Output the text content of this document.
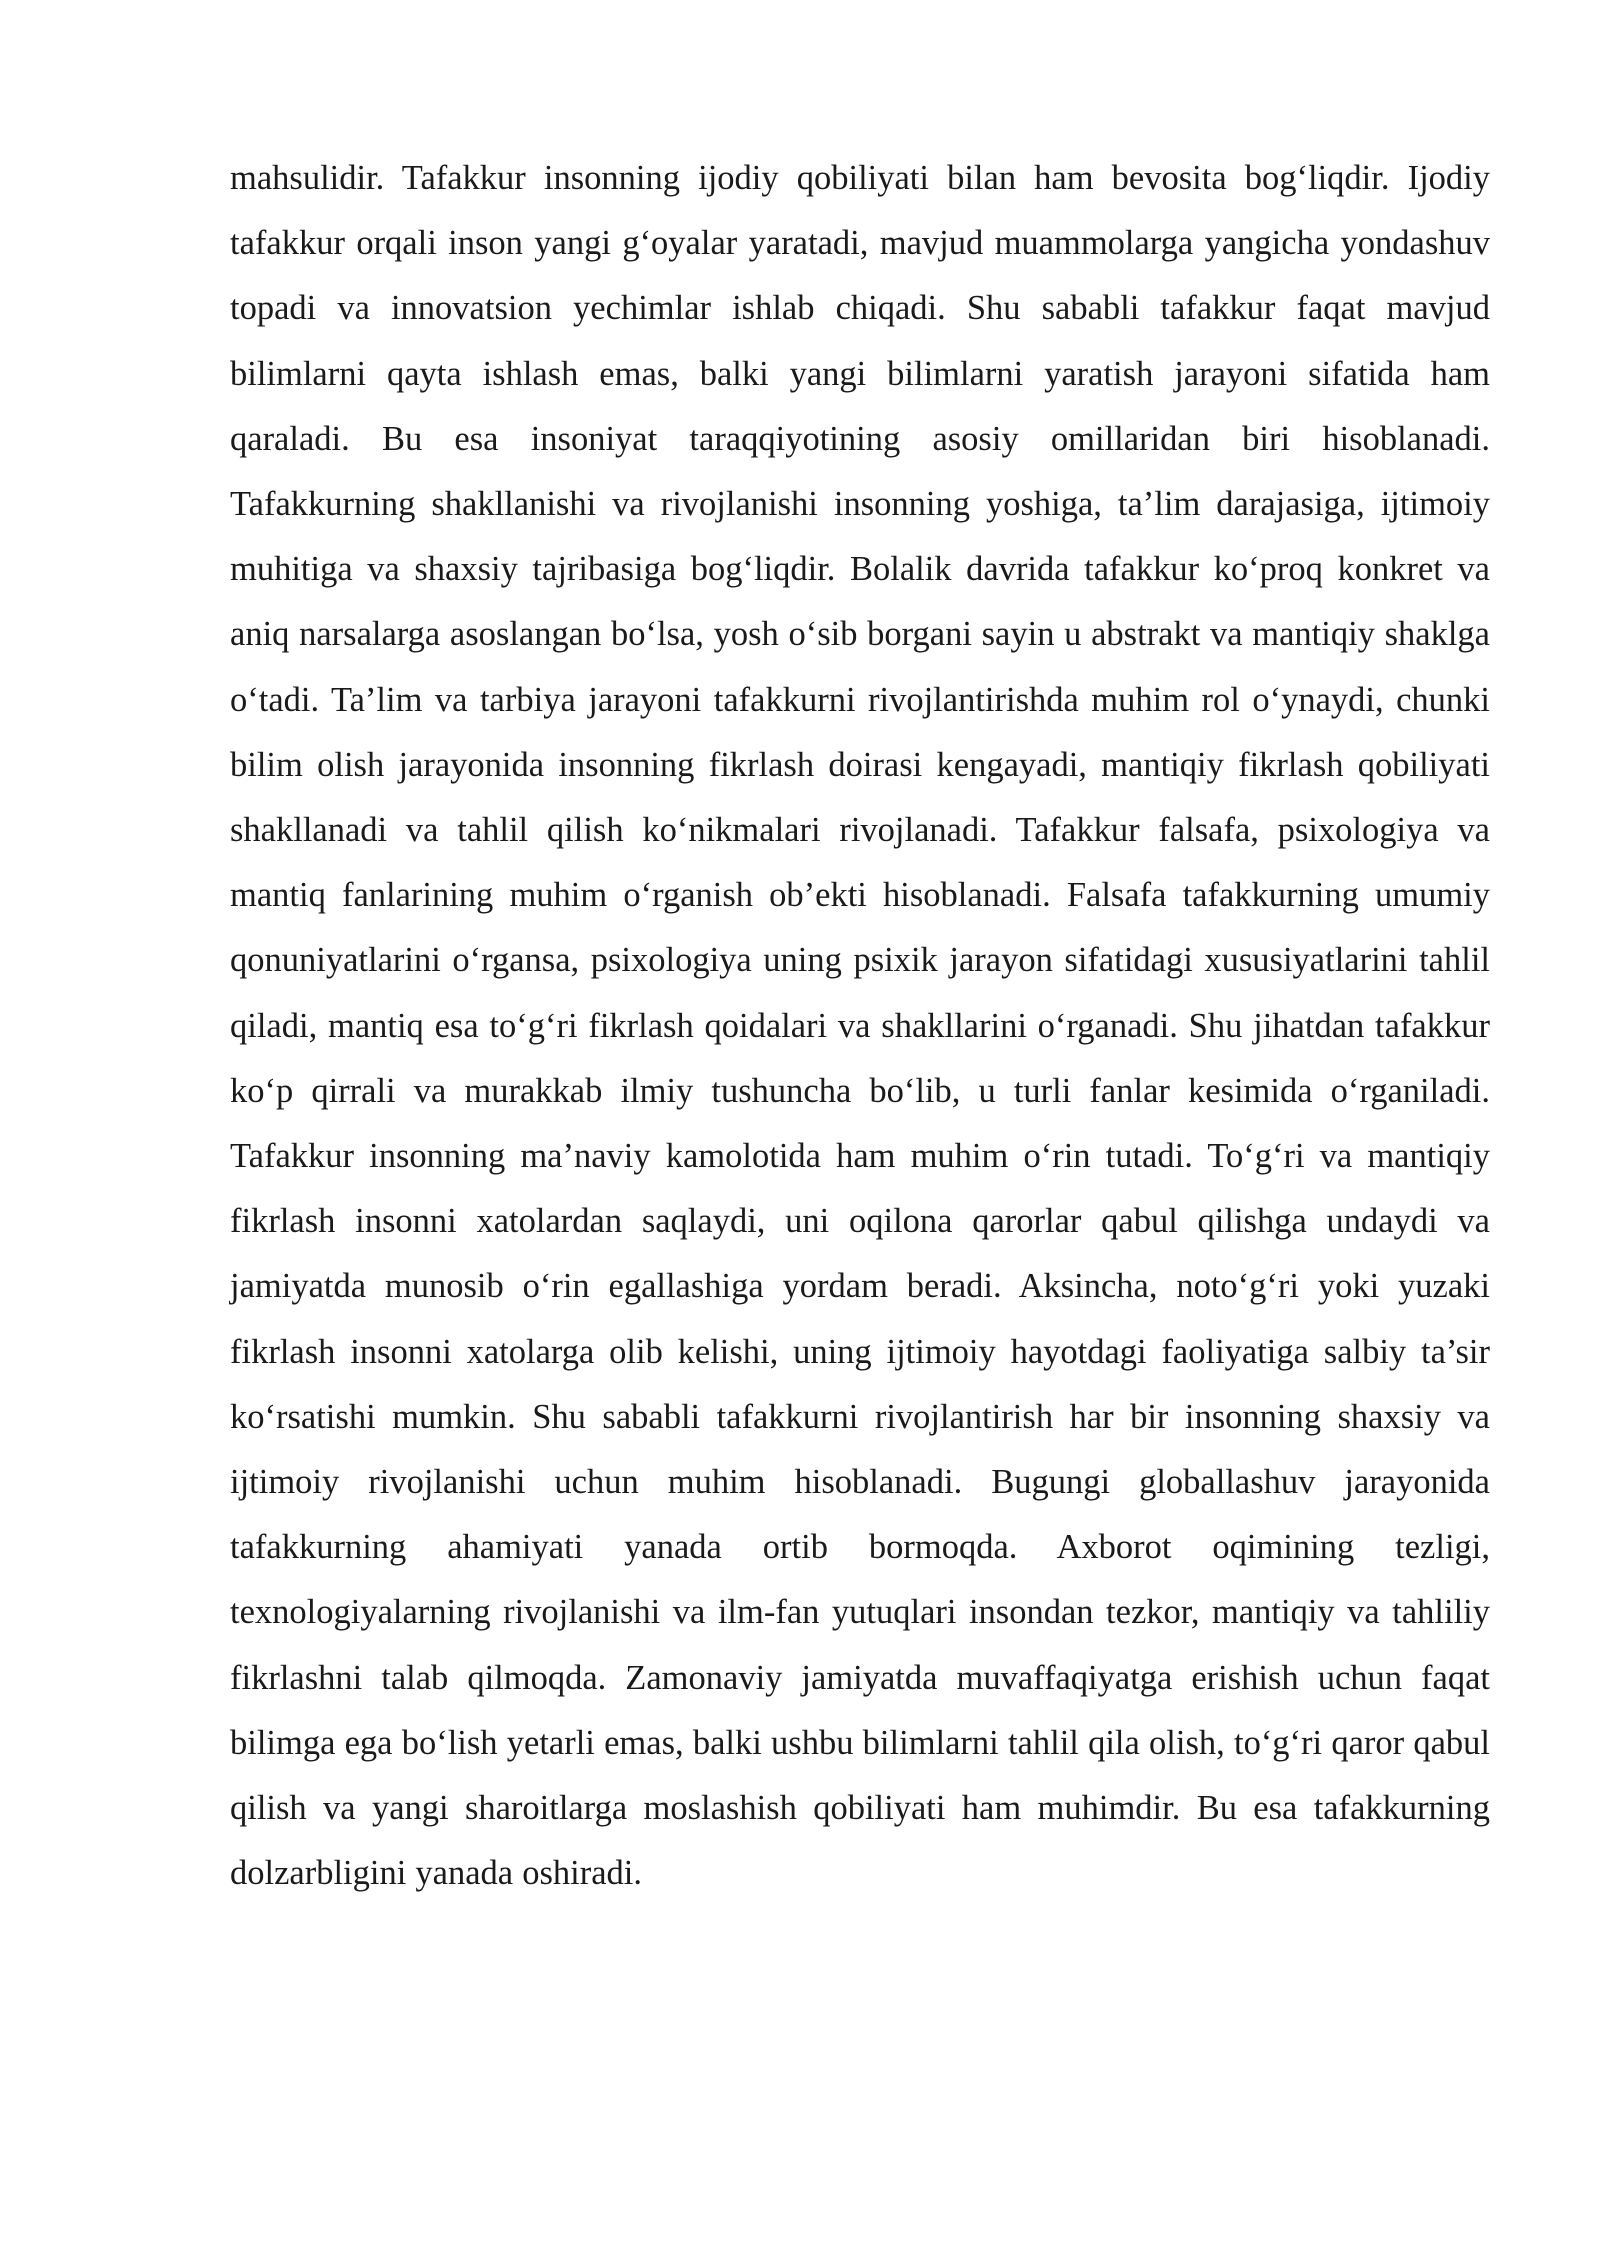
mahsulidir. Tafakkur insonning ijodiy qobiliyati bilan ham bevosita bog‘liqdir. Ijodiy tafakkur orqali inson yangi g‘oyalar yaratadi, mavjud muammolarga yangicha yondashuv topadi va innovatsion yechimlar ishlab chiqadi. Shu sababli tafakkur faqat mavjud bilimlarni qayta ishlash emas, balki yangi bilimlarni yaratish jarayoni sifatida ham qaraladi. Bu esa insoniyat taraqqiyotining asosiy omillaridan biri hisoblanadi. Tafakkurning shakllanishi va rivojlanishi insonning yoshiga, ta’lim darajasiga, ijtimoiy muhitiga va shaxsiy tajribasiga bog‘liqdir. Bolalik davrida tafakkur ko‘proq konkret va aniq narsalarga asoslangan bo‘lsa, yosh o‘sib borgani sayin u abstrakt va mantiqiy shaklga o‘tadi. Ta’lim va tarbiya jarayoni tafakkurni rivojlantirishda muhim rol o‘ynaydi, chunki bilim olish jarayonida insonning fikrlash doirasi kengayadi, mantiqiy fikrlash qobiliyati shakllanadi va tahlil qilish ko‘nikmalari rivojlanadi. Tafakkur falsafa, psixologiya va mantiq fanlarining muhim o‘rganish ob’ekti hisoblanadi. Falsafa tafakkurning umumiy qonuniyatlarini o‘rgansa, psixologiya uning psixik jarayon sifatidagi xususiyatlarini tahlil qiladi, mantiq esa to‘g‘ri fikrlash qoidalari va shakllarini o‘rganadi. Shu jihatdan tafakkur ko‘p qirrali va murakkab ilmiy tushuncha bo‘lib, u turli fanlar kesimida o‘rganiladi. Tafakkur insonning ma’naviy kamolotida ham muhim o‘rin tutadi. To‘g‘ri va mantiqiy fikrlash insonni xatolardan saqlaydi, uni oqilona qarorlar qabul qilishga undaydi va jamiyatda munosib o‘rin egallashiga yordam beradi. Aksincha, noto‘g‘ri yoki yuzaki fikrlash insonni xatolarga olib kelishi, uning ijtimoiy hayotdagi faoliyatiga salbiy ta’sir ko‘rsatishi mumkin. Shu sababli tafakkurni rivojlantirish har bir insonning shaxsiy va ijtimoiy rivojlanishi uchun muhim hisoblanadi. Bugungi globallashuv jarayonida tafakkurning ahamiyati yanada ortib bormoqda. Axborot oqimining tezligi, texnologiyalarning rivojlanishi va ilm-fan yutuqlari insondan tezkor, mantiqiy va tahliliy fikrlashni talab qilmoqda. Zamonaviy jamiyatda muvaffaqiyatga erishish uchun faqat bilimga ega bo‘lish yetarli emas, balki ushbu bilimlarni tahlil qila olish, to‘g‘ri qaror qabul qilish va yangi sharoitlarga moslashish qobiliyati ham muhimdir. Bu esa tafakkurning dolzarbligini yanada oshiradi.
